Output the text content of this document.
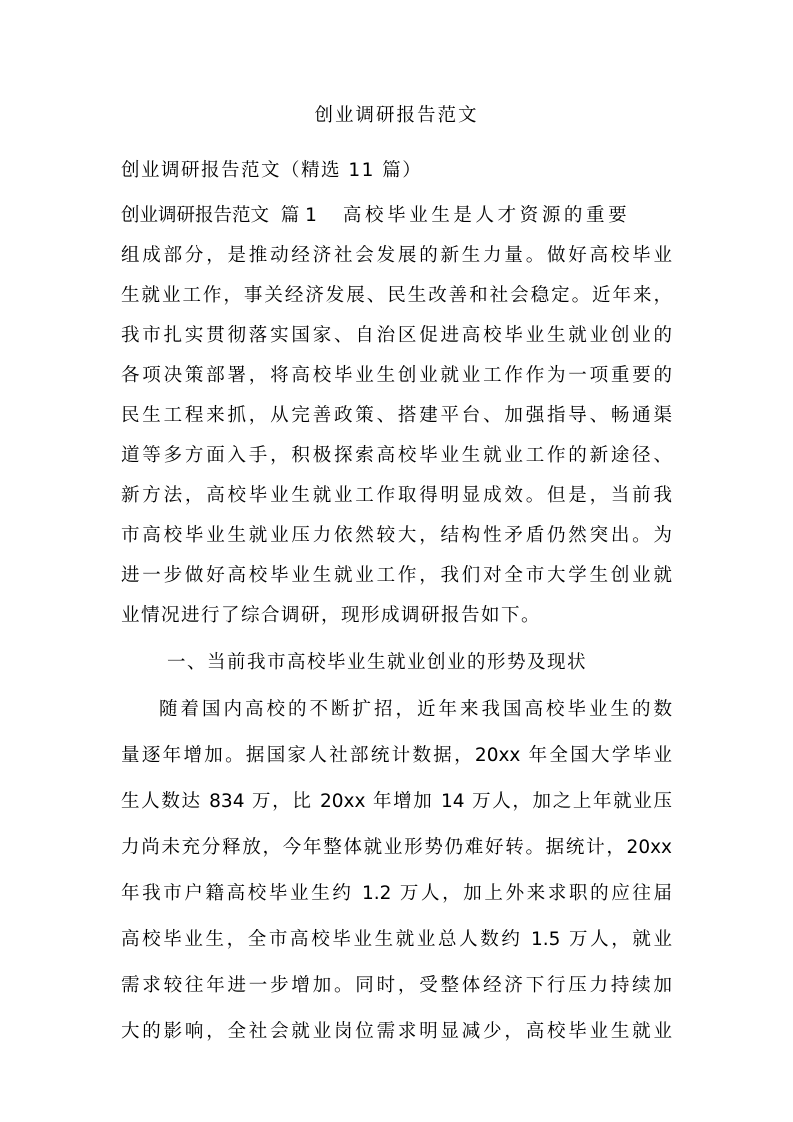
创业调研报告范文
创业调研报告范文（精选 11 篇）
创业调研报告范文  篇 1 高校毕业生是人才资源的重要
组成部分，是推动经济社会发展的新生力量。做好高校毕业
生就业工作，事关经济发展、民生改善和社会稳定。近年来，
我市扎实贯彻落实国家、自治区促进高校毕业生就业创业的
各项决策部署，将高校毕业生创业就业工作作为一项重要的
民生工程来抓，从完善政策、搭建平台、加强指导、畅通渠
道等多方面入手，积极探索高校毕业生就业工作的新途径、
新方法，高校毕业生就业工作取得明显成效。但是，当前我
市高校毕业生就业压力依然较大，结构性矛盾仍然突出。为
进一步做好高校毕业生就业工作，我们对全市大学生创业就
业情况进行了综合调研，现形成调研报告如下。
一、当前我市高校毕业生就业创业的形势及现状
随着国内高校的不断扩招，近年来我国高校毕业生的数
量逐年增加。据国家人社部统计数据，20xx 年全国大学毕业
生人数达 834 万，比 20xx 年增加 14 万人，加之上年就业压
力尚未充分释放，今年整体就业形势仍难好转。据统计，20xx
年我市户籍高校毕业生约 1.2 万人，加上外来求职的应往届
高校毕业生，全市高校毕业生就业总人数约 1.5 万人，就业
需求较往年进一步增加。同时，受整体经济下行压力持续加
大的影响，全社会就业岗位需求明显减少，高校毕业生就业
